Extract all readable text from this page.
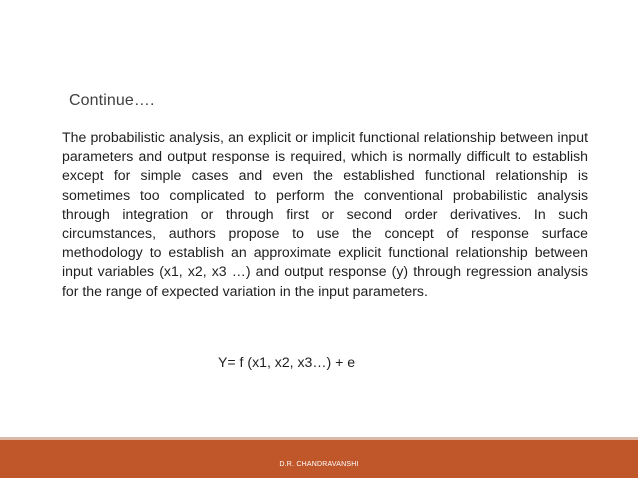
Continue….
The probabilistic analysis, an explicit or implicit functional relationship between input parameters and output response is required, which is normally difficult to establish except for simple cases and even the established functional relationship is sometimes too complicated to perform the conventional probabilistic analysis through integration or through first or second order derivatives. In such circumstances, authors propose to use the concept of response surface methodology to establish an approximate explicit functional relationship between input variables (x1, x2, x3 …) and output response (y) through regression analysis for the range of expected variation in the input parameters.
Y= f (x1, x2, x3…) + e
D.R. CHANDRAVANSHI
